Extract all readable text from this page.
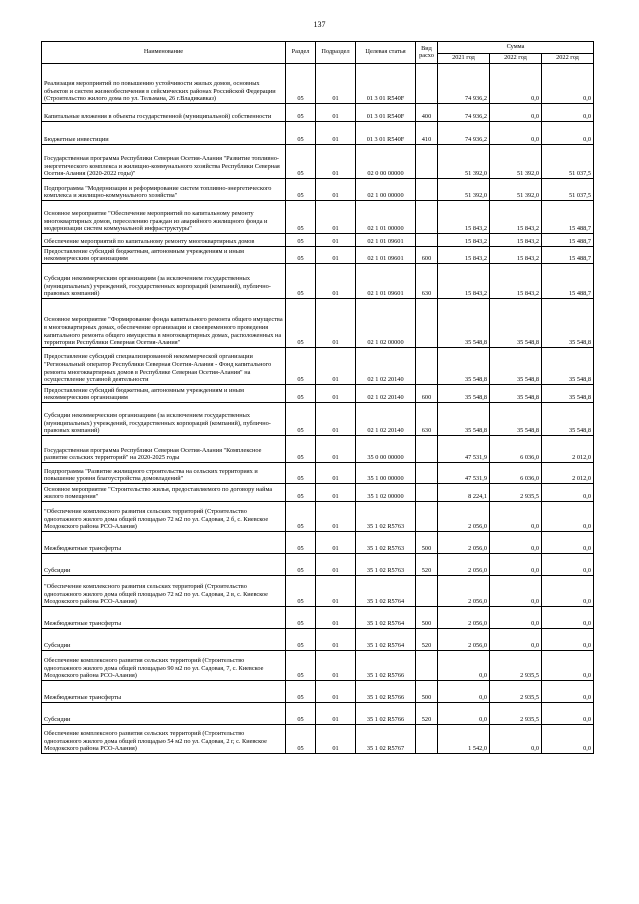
137
Наименование	Раздел	Подраздел	Целевая статья	Вид расхо	Сумма		
					2021 год	2022 год	2022 год
Реализация мероприятий по повышению устойчивости жилых домов, основных объектов и систем жизнеобеспечения в сейсмических районах Российской Федерации (Строительство жилого дома по ул. Тельмана, 26 г.Владикавказ)	05	01	01 3 01 R540F		74 936,2	0,0	0,0
Капитальные вложения в объекты государственной (муниципальной) собственности	05	01	01 3 01 R540F	400	74 936,2	0,0	0,0
Бюджетные инвестиции	05	01	01 3 01 R540F	410	74 936,2	0,0	0,0
Государственная программа Республики Северная Осетия-Алания "Развитие топливно-энергетического комплекса и жилищно-коммунального хозяйства Республики Северная Осетия-Алания (2020-2022 годы)"	05	01	02 0 00 00000		51 392,0	51 392,0	51 037,5
Подпрограмма "Модернизация и реформирование систем топливно-энергетического комплекса и жилищно-коммунального хозяйства"	05	01	02 1 00 00000		51 392,0	51 392,0	51 037,5
Основное мероприятие "Обеспечение мероприятий по капитальному ремонту многоквартирных домов, переселению граждан из аварийного жилищного фонда и модернизации систем коммунальной инфраструктуры"	05	01	02 1 01 00000		15 843,2	15 843,2	15 488,7
Обеспечение мероприятий по капитальному ремонту многоквартирных домов	05	01	02 1 01 09601		15 843,2	15 843,2	15 488,7
Предоставление субсидий бюджетным, автономным учреждениям и иным некоммерческим организациям	05	01	02 1 01 09601	600	15 843,2	15 843,2	15 488,7
Субсидии некоммерческим организациям (за исключением государственных (муниципальных) учреждений, государственных корпораций (компаний), публично-правовых компаний)	05	01	02 1 01 09601	630	15 843,2	15 843,2	15 488,7
Основное мероприятие "Формирование фонда капитального ремонта общего имущества в многоквартирных домах, обеспечение организации и своевременного проведения капитального ремонта общего имущества в многоквартирных домах, расположенных на территории Республики Северная Осетия-Алания"	05	01	02 1 02 00000		35 548,8	35 548,8	35 548,8
Предоставление субсидий специализированной некоммерческой организации "Региональный оператор Республики Северная Осетия-Алания - Фонд капитального ремонта многоквартирных домов в Республике Северная Осетия-Алания" на осуществление уставной деятельности	05	01	02 1 02 20140		35 548,8	35 548,8	35 548,8
Предоставление субсидий бюджетным, автономным учреждениям и иным некоммерческим организациям	05	01	02 1 02 20140	600	35 548,8	35 548,8	35 548,8
Субсидии некоммерческим организациям (за исключением государственных (муниципальных) учреждений, государственных корпораций (компаний), публично-правовых компаний)	05	01	02 1 02 20140	630	35 548,8	35 548,8	35 548,8
Государственная программа Республики Северная Осетия-Алания "Комплексное развитие сельских территорий" на 2020-2025 годы	05	01	35 0 00 00000		47 531,9	6 036,0	2 012,0
Подпрограмма "Развитие жилищного строительства на сельских территориях и повышение уровня благоустройства домовладений"	05	01	35 1 00 00000		47 531,9	6 036,0	2 012,0
Основное мероприятие "Строительство жилья, предоставляемого по договору найма жилого помещения"	05	01	35 1 02 00000		8 224,1	2 935,5	0,0
"Обеспечение комплексного развития сельских территорий (Строительство одноэтажного жилого дома общей площадью 72 м2 по ул. Садовая, 2 б, с. Киевское Моздокского района РСО-Алания)	05	01	35 1 02 R5763		2 056,0	0,0	0,0
Межбюджетные трансферты	05	01	35 1 02 R5763	500	2 056,0	0,0	0,0
Субсидии	05	01	35 1 02 R5763	520	2 056,0	0,0	0,0
"Обеспечение комплексного развития сельских территорий (Строительство одноэтажного жилого дома общей площадью 72 м2 по ул. Садовая, 2 в, с. Киевское Моздокского района РСО-Алания)	05	01	35 1 02 R5764		2 056,0	0,0	0,0
Межбюджетные трансферты	05	01	35 1 02 R5764	500	2 056,0	0,0	0,0
Субсидии	05	01	35 1 02 R5764	520	2 056,0	0,0	0,0
Обеспечение комплексного развития сельских территорий (Строительство одноэтажного жилого дома общей площадью 90 м2 по ул. Садовая, 7, с. Киевское Моздокского района РСО-Алания)	05	01	35 1 02 R5766		0,0	2 935,5	0,0
Межбюджетные трансферты	05	01	35 1 02 R5766	500	0,0	2 935,5	0,0
Субсидии	05	01	35 1 02 R5766	520	0,0	2 935,5	0,0
Обеспечение комплексного развития сельских территорий (Строительство одноэтажного жилого дома общей площадью 54 м2 по ул. Садовая, 2 г, с. Киевское Моздокского района РСО-Алания)	05	01	35 1 02 R5767		1 542,0	0,0	0,0
